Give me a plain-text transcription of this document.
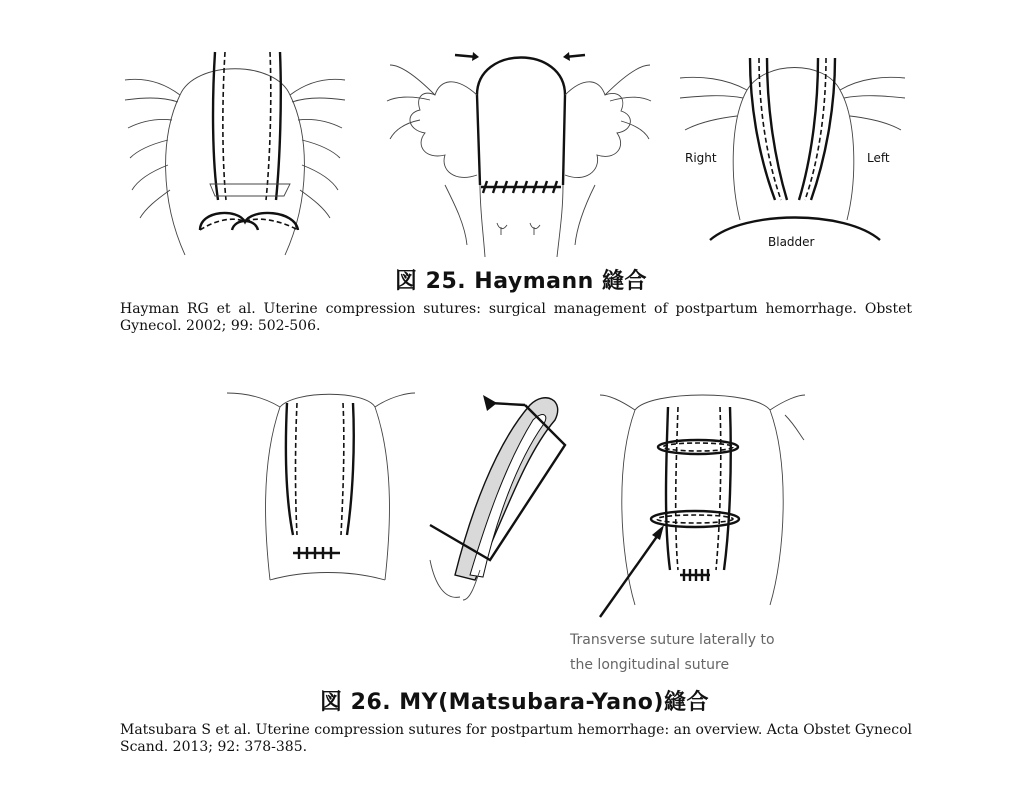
Right	Left
Bladder
図 25. Haymann 縫合
Hayman RG et al. Uterine compression sutures: surgical management of postpartum hemorrhage. Obstet Gynecol. 2002; 99: 502-506.
Transverse suture laterally to
the longitudinal suture
図 26. MY(Matsubara-Yano)縫合
Matsubara S et al. Uterine compression sutures for postpartum hemorrhage: an overview. Acta Obstet Gynecol Scand. 2013; 92: 378-385.
